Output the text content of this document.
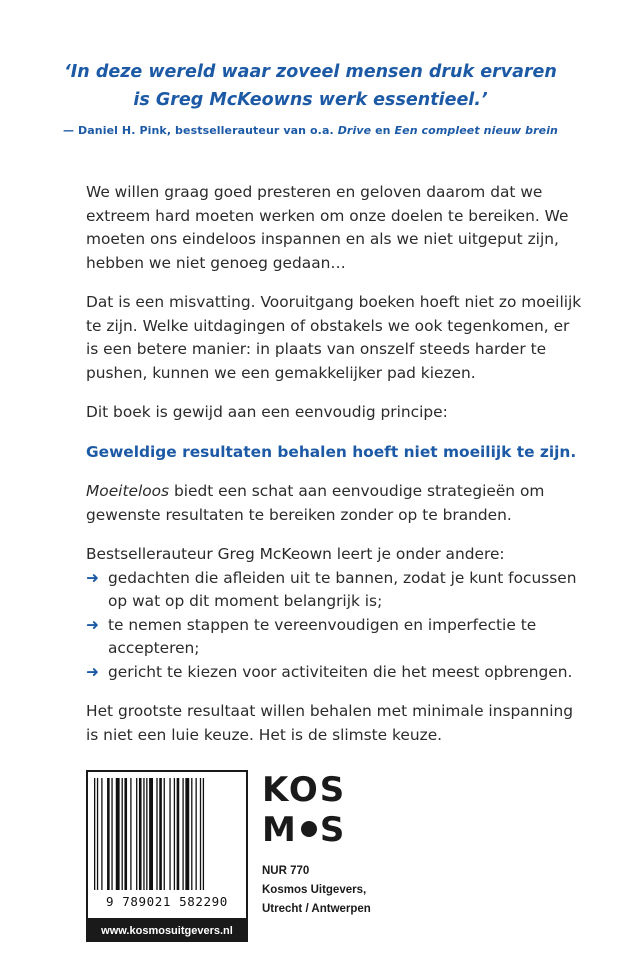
‘In deze wereld waar zoveel mensen druk ervaren
is Greg McKeowns werk essentieel.’
— Daniel H. Pink, bestsellerauteur van o.a. Drive en Een compleet nieuw brein

We willen graag goed presteren en geloven daarom dat we extreem hard moeten werken om onze doelen te bereiken. We moeten ons eindeloos inspannen en als we niet uitgeput zijn, hebben we niet genoeg gedaan…

Dat is een misvatting. Vooruitgang boeken hoeft niet zo moeilijk te zijn. Welke uitdagingen of obstakels we ook tegenkomen, er is een betere manier: in plaats van onszelf steeds harder te pushen, kunnen we een gemakkelijker pad kiezen.

Dit boek is gewijd aan een eenvoudig principe:

Geweldige resultaten behalen hoeft niet moeilijk te zijn.

Moeiteloos biedt een schat aan eenvoudige strategieën om gewenste resultaten te bereiken zonder op te branden.

Bestsellerauteur Greg McKeown leert je onder andere:
➜ gedachten die afleiden uit te bannen, zodat je kunt focussen op wat op dit moment belangrijk is;
➜ te nemen stappen te vereenvoudigen en imperfectie te accepteren;
➜ gericht te kiezen voor activiteiten die het meest opbrengen.

Het grootste resultaat willen behalen met minimale inspanning is niet een luie keuze. Het is de slimste keuze.

9 789021 582290
www.kosmosuitgevers.nl
KOS
M S
NUR 770
Kosmos Uitgevers,
Utrecht / Antwerpen
